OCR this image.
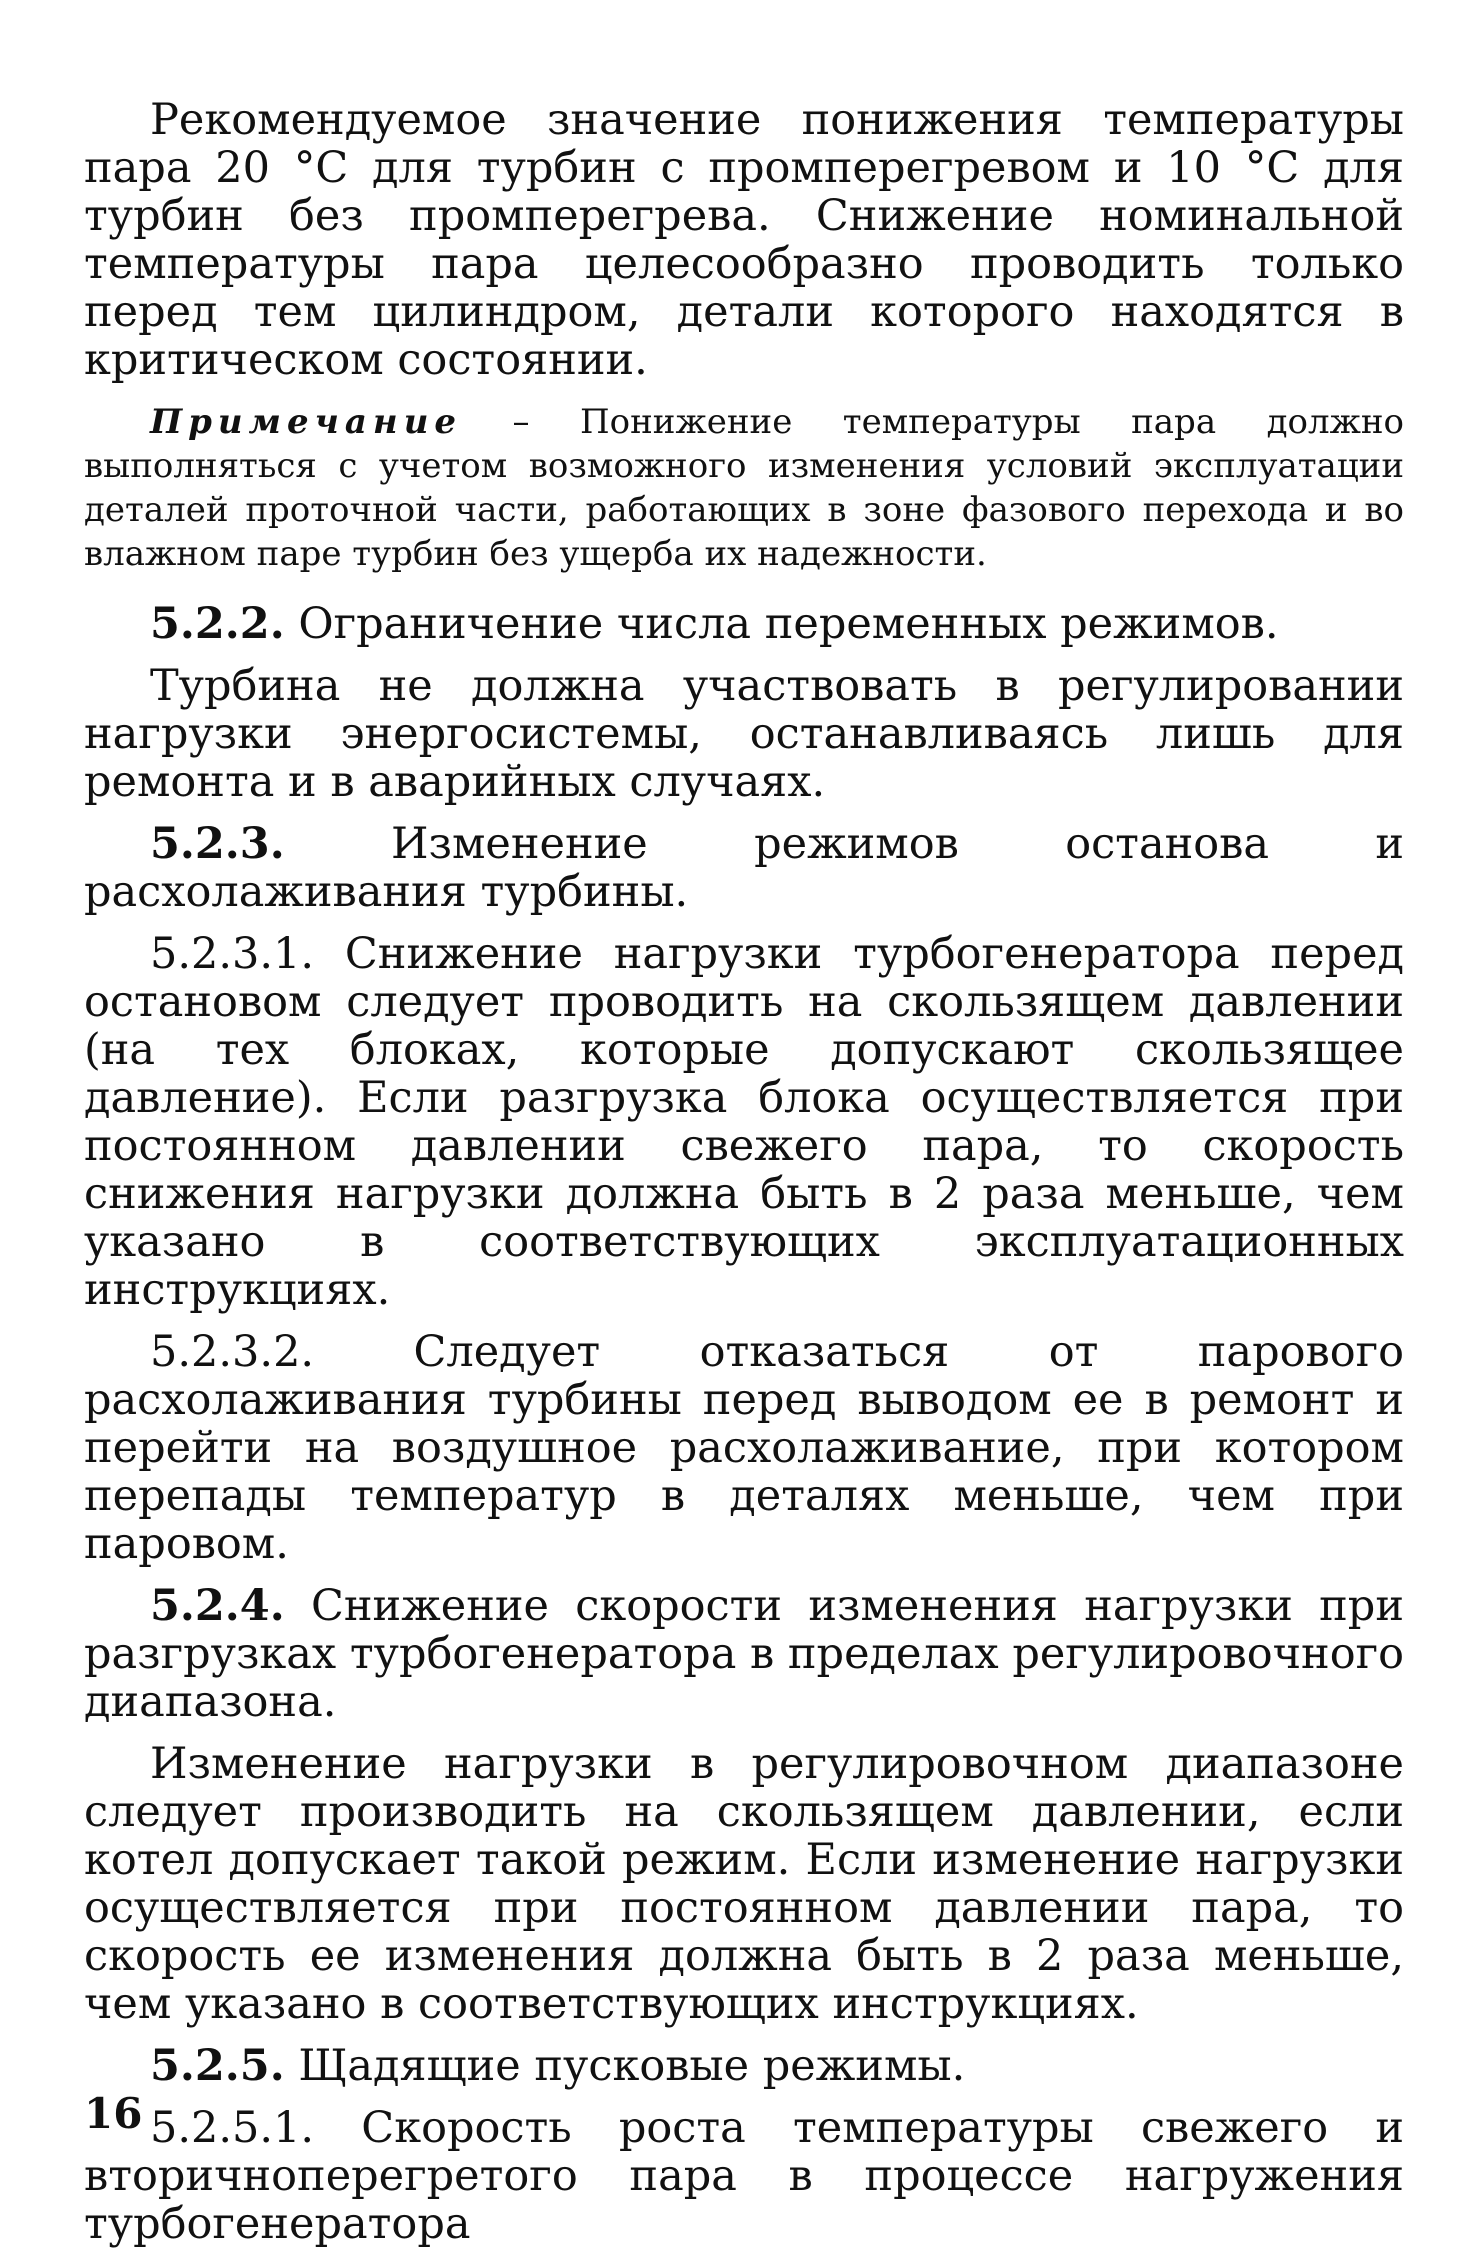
Рекомендуемое значение понижения температуры пара 20 °С для турбин с промперегревом и 10 °С для турбин без промперегрева. Снижение номинальной температуры пара целесообразно проводить только перед тем цилиндром, детали которого находятся в критическом состоянии.

Примечание – Понижение температуры пара должно выполняться с учетом возможного изменения условий эксплуатации деталей проточной части, работающих в зоне фазового перехода и во влажном паре турбин без ущерба их надежности.

5.2.2. Ограничение числа переменных режимов.

Турбина не должна участвовать в регулировании нагрузки энергосистемы, останавливаясь лишь для ремонта и в аварийных случаях.

5.2.3. Изменение режимов останова и расхолаживания турбины.

5.2.3.1. Снижение нагрузки турбогенератора перед остановом следует проводить на скользящем давлении (на тех блоках, которые допускают скользящее давление). Если разгрузка блока осуществляется при постоянном давлении свежего пара, то скорость снижения нагрузки должна быть в 2 раза меньше, чем указано в соответствующих эксплуатационных инструкциях.

5.2.3.2. Следует отказаться от парового расхолаживания турбины перед выводом ее в ремонт и перейти на воздушное расхолаживание, при котором перепады температур в деталях меньше, чем при паровом.

5.2.4. Снижение скорости изменения нагрузки при разгрузках турбогенератора в пределах регулировочного диапазона.

Изменение нагрузки в регулировочном диапазоне следует производить на скользящем давлении, если котел допускает такой режим. Если изменение нагрузки осуществляется при постоянном давлении пара, то скорость ее изменения должна быть в 2 раза меньше, чем указано в соответствующих инструкциях.

5.2.5. Щадящие пусковые режимы.

5.2.5.1. Скорость роста температуры свежего и вторичноперегретого пара в процессе нагружения турбогенератора

16
